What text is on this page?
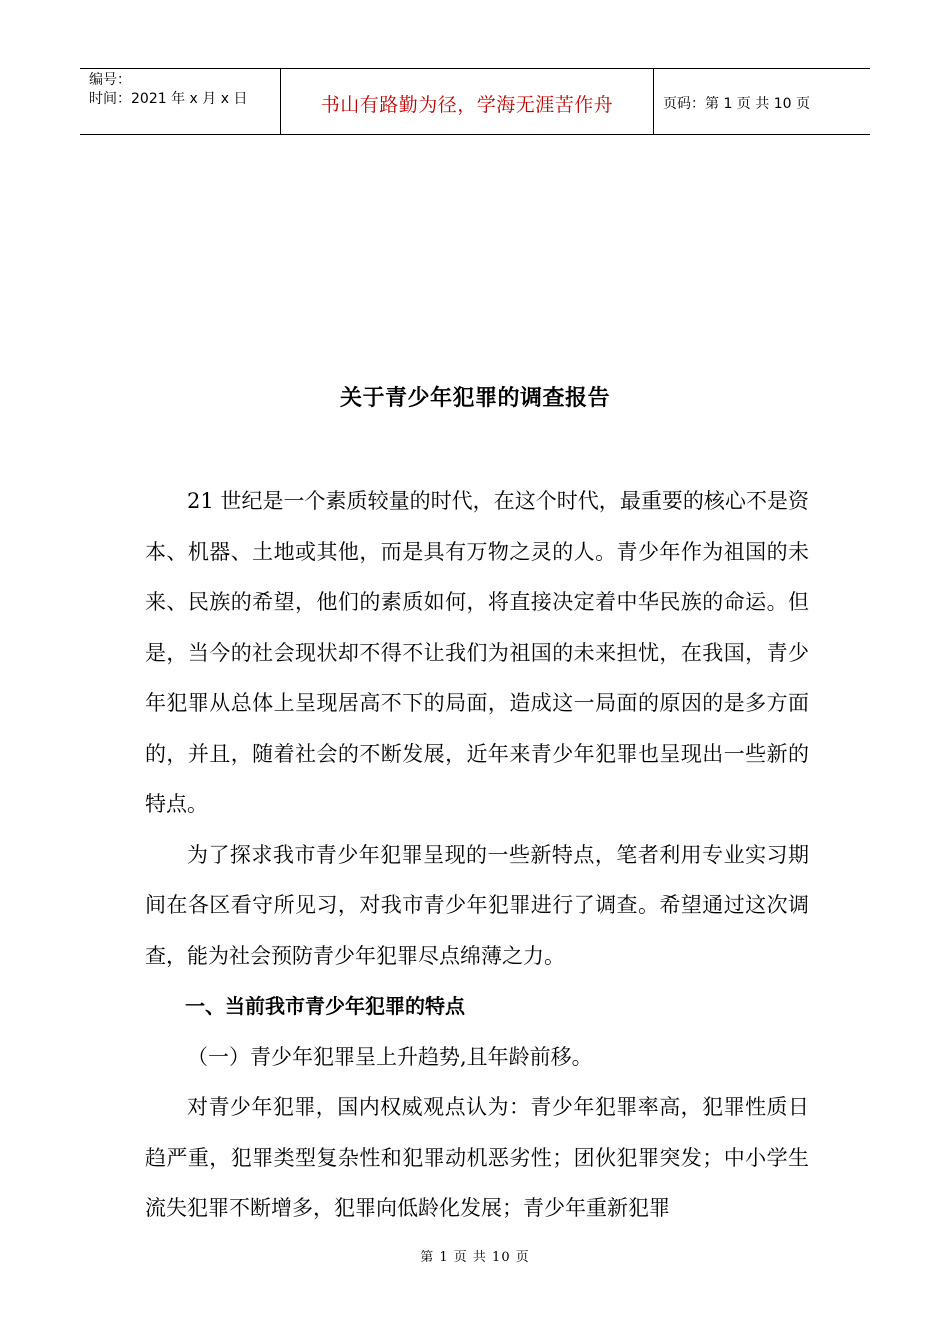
编号：
时间：2021 年 x 月 x 日	书山有路勤为径，学海无涯苦作舟	页码：第 1 页 共 10 页
关于青少年犯罪的调查报告

21 世纪是一个素质较量的时代，在这个时代，最重要的核心不是资本、机器、土地或其他，而是具有万物之灵的人。青少年作为祖国的未来、民族的希望，他们的素质如何，将直接决定着中华民族的命运。但是，当今的社会现状却不得不让我们为祖国的未来担忧，在我国，青少年犯罪从总体上呈现居高不下的局面，造成这一局面的原因的是多方面的，并且，随着社会的不断发展，近年来青少年犯罪也呈现出一些新的特点。

为了探求我市青少年犯罪呈现的一些新特点，笔者利用专业实习期间在各区看守所见习，对我市青少年犯罪进行了调查。希望通过这次调查，能为社会预防青少年犯罪尽点绵薄之力。

一、当前我市青少年犯罪的特点

（一）青少年犯罪呈上升趋势,且年龄前移。

对青少年犯罪，国内权威观点认为：青少年犯罪率高，犯罪性质日趋严重，犯罪类型复杂性和犯罪动机恶劣性；团伙犯罪突发；中小学生流失犯罪不断增多，犯罪向低龄化发展；青少年重新犯罪

第 1 页 共 10 页
